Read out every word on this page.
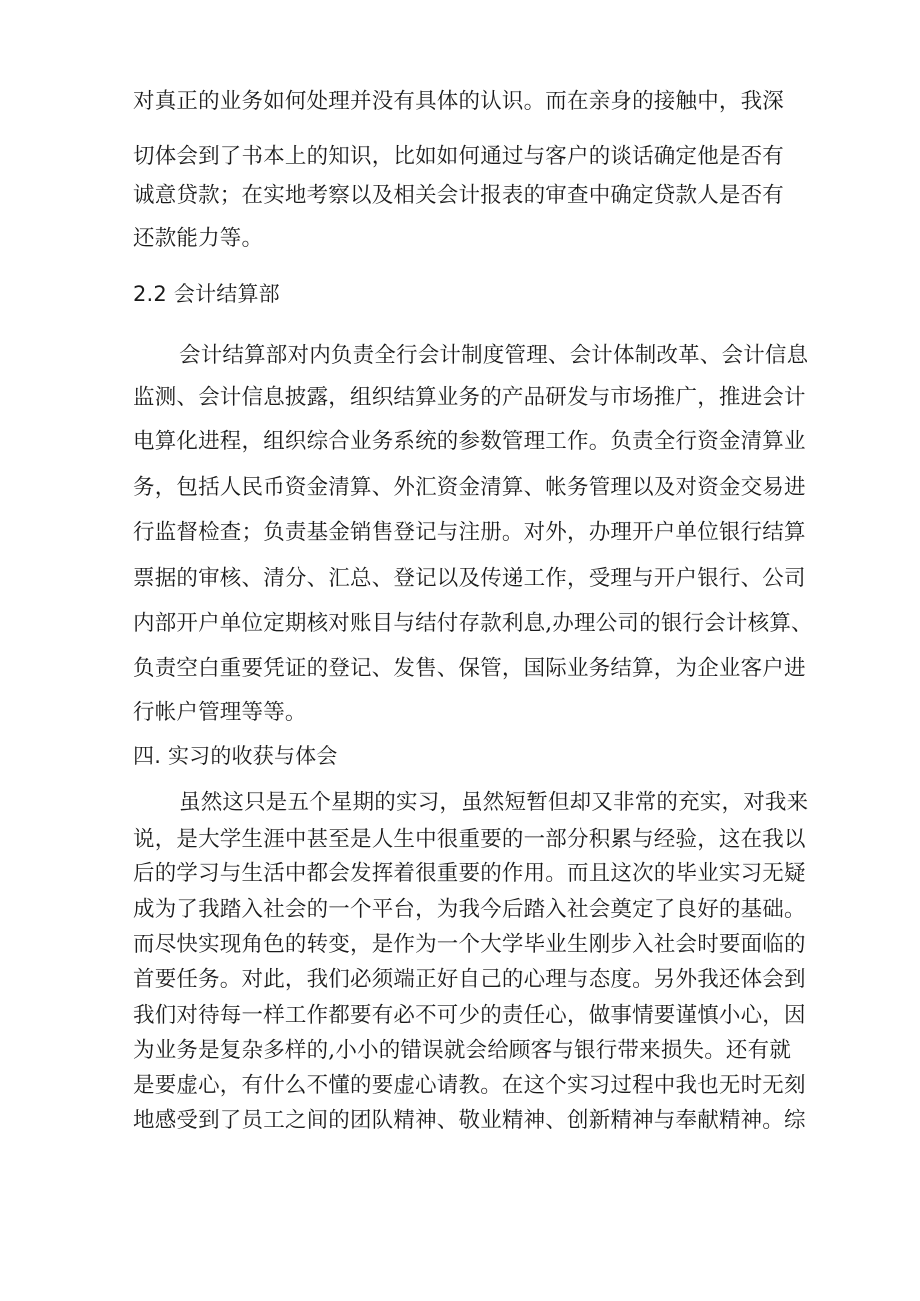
对真正的业务如何处理并没有具体的认识。而在亲身的接触中，我深
切体会到了书本上的知识，比如如何通过与客户的谈话确定他是否有
诚意贷款；在实地考察以及相关会计报表的审查中确定贷款人是否有
还款能力等。
2.2 会计结算部
会计结算部对内负责全行会计制度管理、会计体制改革、会计信息
监测、会计信息披露，组织结算业务的产品研发与市场推广，推进会计
电算化进程，组织综合业务系统的参数管理工作。负责全行资金清算业
务，包括人民币资金清算、外汇资金清算、帐务管理以及对资金交易进
行监督检查；负责基金销售登记与注册。对外，办理开户单位银行结算
票据的审核、清分、汇总、登记以及传递工作，受理与开户银行、公司
内部开户单位定期核对账目与结付存款利息,办理公司的银行会计核算、
负责空白重要凭证的登记、发售、保管，国际业务结算，为企业客户进
行帐户管理等等。
四. 实习的收获与体会
虽然这只是五个星期的实习，虽然短暂但却又非常的充实，对我来
说，是大学生涯中甚至是人生中很重要的一部分积累与经验，这在我以
后的学习与生活中都会发挥着很重要的作用。而且这次的毕业实习无疑
成为了我踏入社会的一个平台，为我今后踏入社会奠定了良好的基础。
而尽快实现角色的转变，是作为一个大学毕业生刚步入社会时要面临的
首要任务。对此，我们必须端正好自己的心理与态度。另外我还体会到
我们对待每一样工作都要有必不可少的责任心，做事情要谨慎小心，因
为业务是复杂多样的,小小的错误就会给顾客与银行带来损失。还有就
是要虚心，有什么不懂的要虚心请教。在这个实习过程中我也无时无刻
地感受到了员工之间的团队精神、敬业精神、创新精神与奉献精神。综
